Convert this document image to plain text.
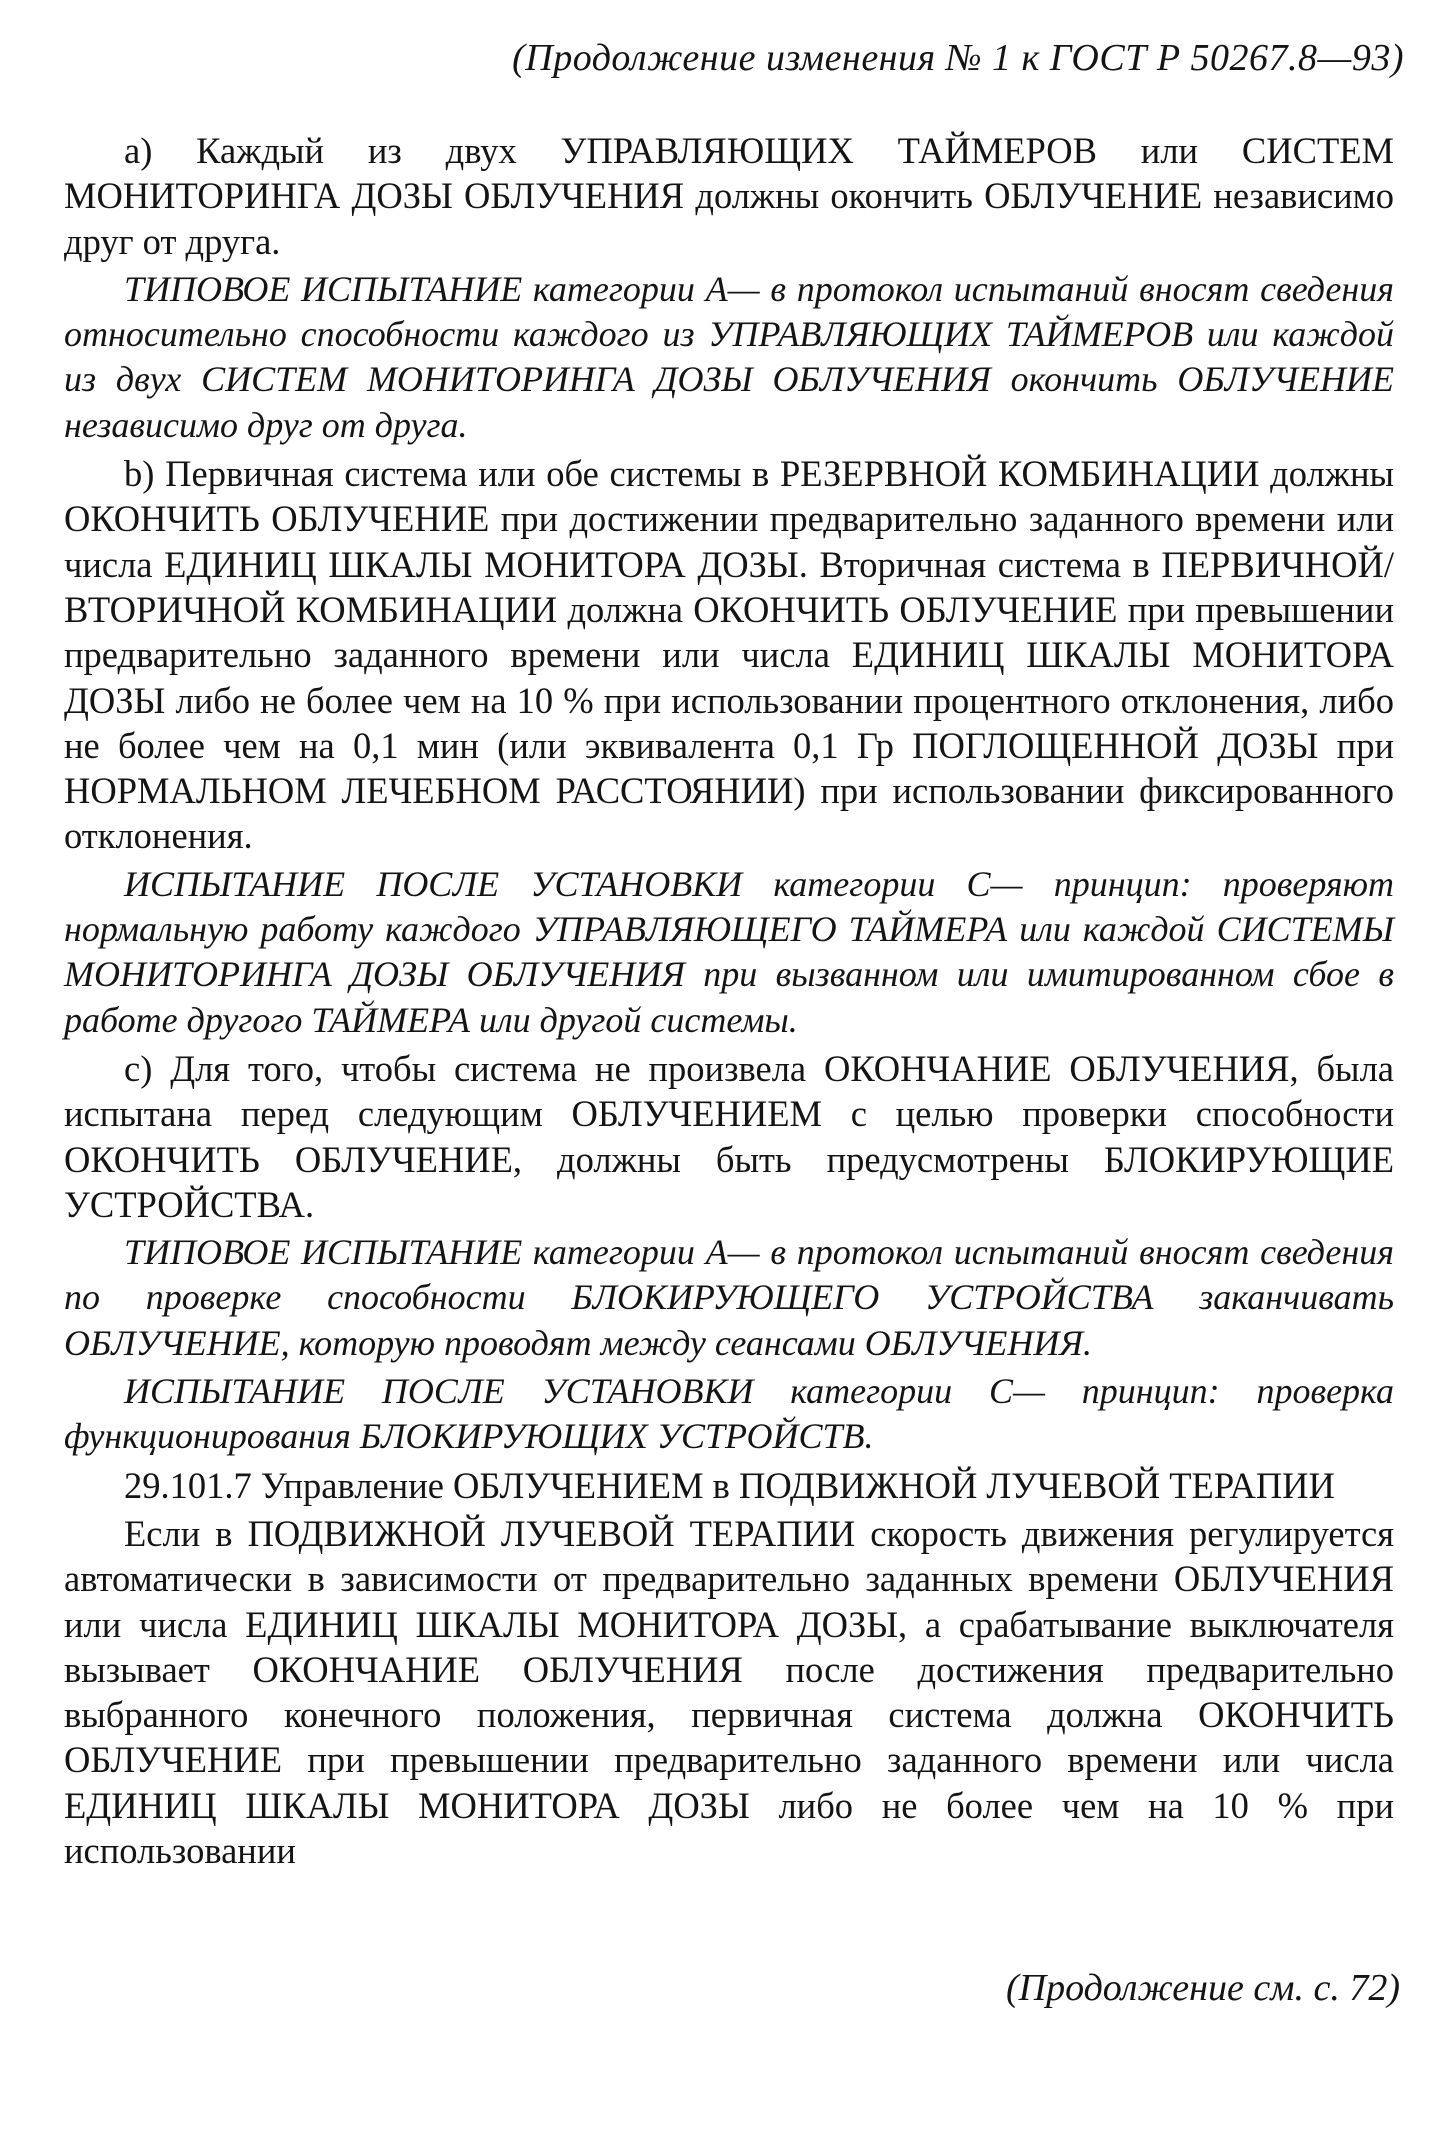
(Продолжение изменения № 1 к ГОСТ Р 50267.8—93)

а) Каждый из двух УПРАВЛЯЮЩИХ ТАЙМЕРОВ или СИСТЕМ МОНИТОРИНГА ДОЗЫ ОБЛУЧЕНИЯ должны окончить ОБЛУЧЕНИЕ независимо друг от друга.

ТИПОВОЕ ИСПЫТАНИЕ категории А— в протокол испытаний вносят сведения относительно способности каждого из УПРАВЛЯЮЩИХ ТАЙМЕРОВ или каждой из двух СИСТЕМ МОНИТОРИНГА ДОЗЫ ОБЛУЧЕНИЯ окончить ОБЛУЧЕНИЕ независимо друг от друга.

b) Первичная система или обе системы в РЕЗЕРВНОЙ КОМБИНАЦИИ должны ОКОНЧИТЬ ОБЛУЧЕНИЕ при достижении предварительно заданного времени или числа ЕДИНИЦ ШКАЛЫ МОНИТОРА ДОЗЫ. Вторичная система в ПЕРВИЧНОЙ/ВТОРИЧНОЙ КОМБИНАЦИИ должна ОКОНЧИТЬ ОБЛУЧЕНИЕ при превышении предварительно заданного времени или числа ЕДИНИЦ ШКАЛЫ МОНИТОРА ДОЗЫ либо не более чем на 10 % при использовании процентного отклонения, либо не более чем на 0,1 мин (или эквивалента 0,1 Гр ПОГЛОЩЕННОЙ ДОЗЫ при НОРМАЛЬНОМ ЛЕЧЕБНОМ РАССТОЯНИИ) при использовании фиксированного отклонения.

ИСПЫТАНИЕ ПОСЛЕ УСТАНОВКИ категории С— принцип: проверяют нормальную работу каждого УПРАВЛЯЮЩЕГО ТАЙМЕРА или каждой СИСТЕМЫ МОНИТОРИНГА ДОЗЫ ОБЛУЧЕНИЯ при вызванном или имитированном сбое в работе другого ТАЙМЕРА или другой системы.

с) Для того, чтобы система не произвела ОКОНЧАНИЕ ОБЛУЧЕНИЯ, была испытана перед следующим ОБЛУЧЕНИЕМ с целью проверки способности ОКОНЧИТЬ ОБЛУЧЕНИЕ, должны быть предусмотрены БЛОКИРУЮЩИЕ УСТРОЙСТВА.

ТИПОВОЕ ИСПЫТАНИЕ категории А— в протокол испытаний вносят сведения по проверке способности БЛОКИРУЮЩЕГО УСТРОЙСТВА заканчивать ОБЛУЧЕНИЕ, которую проводят между сеансами ОБЛУЧЕНИЯ.

ИСПЫТАНИЕ ПОСЛЕ УСТАНОВКИ категории С— принцип: проверка функционирования БЛОКИРУЮЩИХ УСТРОЙСТВ.

29.101.7 Управление ОБЛУЧЕНИЕМ в ПОДВИЖНОЙ ЛУЧЕВОЙ ТЕРАПИИ

Если в ПОДВИЖНОЙ ЛУЧЕВОЙ ТЕРАПИИ скорость движения регулируется автоматически в зависимости от предварительно заданных времени ОБЛУЧЕНИЯ или числа ЕДИНИЦ ШКАЛЫ МОНИТОРА ДОЗЫ, а срабатывание выключателя вызывает ОКОНЧАНИЕ ОБЛУЧЕНИЯ после достижения предварительно выбранного конечного положения, первичная система должна ОКОНЧИТЬ ОБЛУЧЕНИЕ при превышении предварительно заданного времени или числа ЕДИНИЦ ШКАЛЫ МОНИТОРА ДОЗЫ либо не более чем на 10 % при использовании

(Продолжение см. с. 72)
